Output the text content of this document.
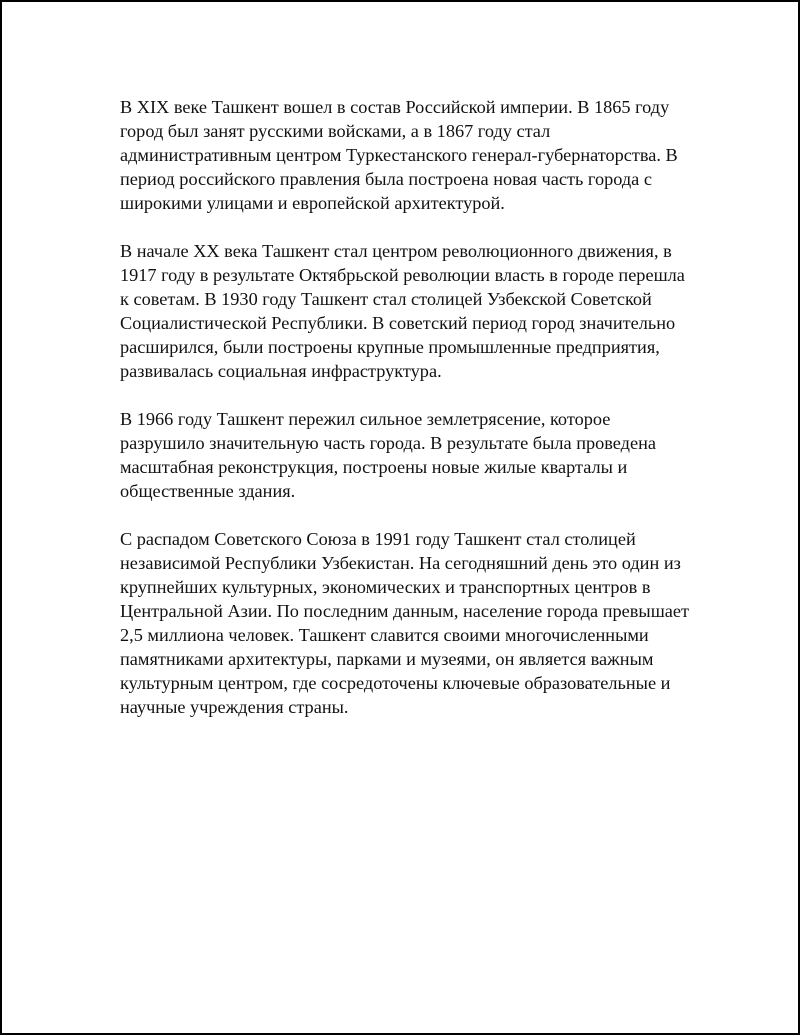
В XIX веке Ташкент вошел в состав Российской империи. В 1865 году город был занят русскими войсками, а в 1867 году стал административным центром Туркестанского генерал-губернаторства. В период российского правления была построена новая часть города с широкими улицами и европейской архитектурой.

В начале XX века Ташкент стал центром революционного движения, в 1917 году в результате Октябрьской революции власть в городе перешла к советам. В 1930 году Ташкент стал столицей Узбекской Советской Социалистической Республики. В советский период город значительно расширился, были построены крупные промышленные предприятия, развивалась социальная инфраструктура.

В 1966 году Ташкент пережил сильное землетрясение, которое разрушило значительную часть города. В результате была проведена масштабная реконструкция, построены новые жилые кварталы и общественные здания.

С распадом Советского Союза в 1991 году Ташкент стал столицей независимой Республики Узбекистан. На сегодняшний день это один из крупнейших культурных, экономических и транспортных центров в Центральной Азии. По последним данным, население города превышает 2,5 миллиона человек. Ташкент славится своими многочисленными памятниками архитектуры, парками и музеями, он является важным культурным центром, где сосредоточены ключевые образовательные и научные учреждения страны.
